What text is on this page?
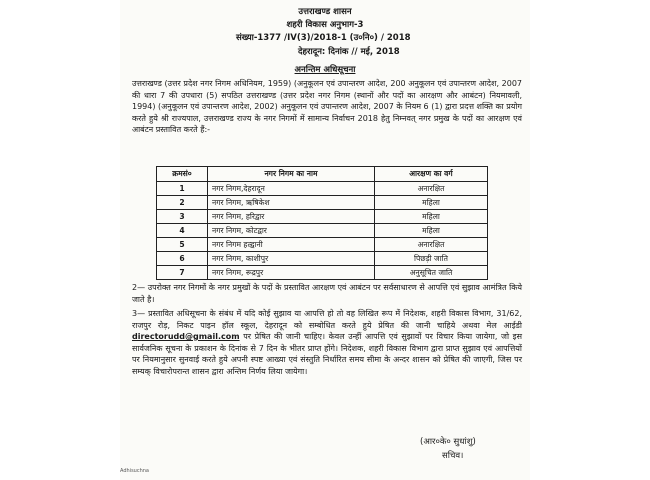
उत्तराखण्ड शासन
शहरी विकास अनुभाग-3
संख्या-1377 /IV(3)/2018-1 (उ०नि०) / 2018
देहरादून: दिनांक // मई, 2018
अनन्तिम अधिसूचना

उत्तराखण्ड (उत्तर प्रदेश नगर निगम अधिनियम, 1959) (अनुकूलन एवं उपान्तरण आदेश, 200 अनुकूलन एवं उपान्तरण आदेश, 2007 की धारा 7 की उपधारा (5) सपठित उत्तराखण्ड (उत्तर प्रदेश नगर निगम (स्थानों और पदों का आरक्षण और आबंटन) नियमावली, 1994) (अनुकूलन एवं उपान्तरण आदेश, 2002) अनुकूलन एवं उपान्तरण आदेश, 2007 के नियम 6 (1) द्वारा प्रदत्त शक्ति का प्रयोग करते हुये श्री राज्यपाल, उत्तराखण्ड राज्य के नगर निगमों में सामान्य निर्वाचन 2018 हेतु निम्नवत् नगर प्रमुख के पदों का आरक्षण एवं आबंटन प्रस्तावित करते हैं:-

क्रमसं०	नगर निगम का नाम	आरक्षण का वर्ग
1	नगर निगम,देहरादून	अनारक्षित
2	नगर निगम, ऋषिकेश	महिला
3	नगर निगम, हरिद्वार	महिला
4	नगर निगम, कोटद्वार	महिला
5	नगर निगम हल्द्वानी	अनारक्षित
6	नगर निगम, काशीपुर	पिछड़ी जाति
7	नगर निगम, रूद्रपुर	अनुसूचित जाति

2— उपरोक्त नगर निगमों के नगर प्रमुखों के पदों के प्रस्तावित आरक्षण एवं आबंटन पर सर्वसाधारण से आपत्ति एवं सुझाव आमंत्रित किये जाते है।

3— प्रस्तावित अधिसूचना के संबंध में यदि कोई सुझाव या आपत्ति हो तो वह लिखित रूप में निदेशक, शहरी विकास विभाग, 31/62, राजपुर रोड़, निकट पाइन हॉल स्कूल, देहरादून को सम्बोधित करते हुये प्रेषित की जानी चाहिये अथवा मेल आईडी directorudd@gmail.com पर प्रेषित की जानी चाहिए। केवल उन्हीं आपत्ति एवं सुझावों पर विचार किया जायेगा, जो इस सार्वजनिक सूचना के प्रकाशन के दिनांक से 7 दिन के भीतर प्राप्त होंगे। निदेशक, शहरी विकास विभाग द्वारा प्राप्त सुझाव एवं आपत्तियों पर नियमानुसार सुनवाई करते हुये अपनी स्पष्ट आख्या एवं संस्तुति निर्धारित समय सीमा के अन्दर शासन को प्रेषित की जाएगी, जिस पर सम्यक् विचारोपरान्त शासन द्वारा अन्तिम निर्णय लिया जायेगा।

(आर०के० सुधांशु)
सचिव।
Adhisuchna
